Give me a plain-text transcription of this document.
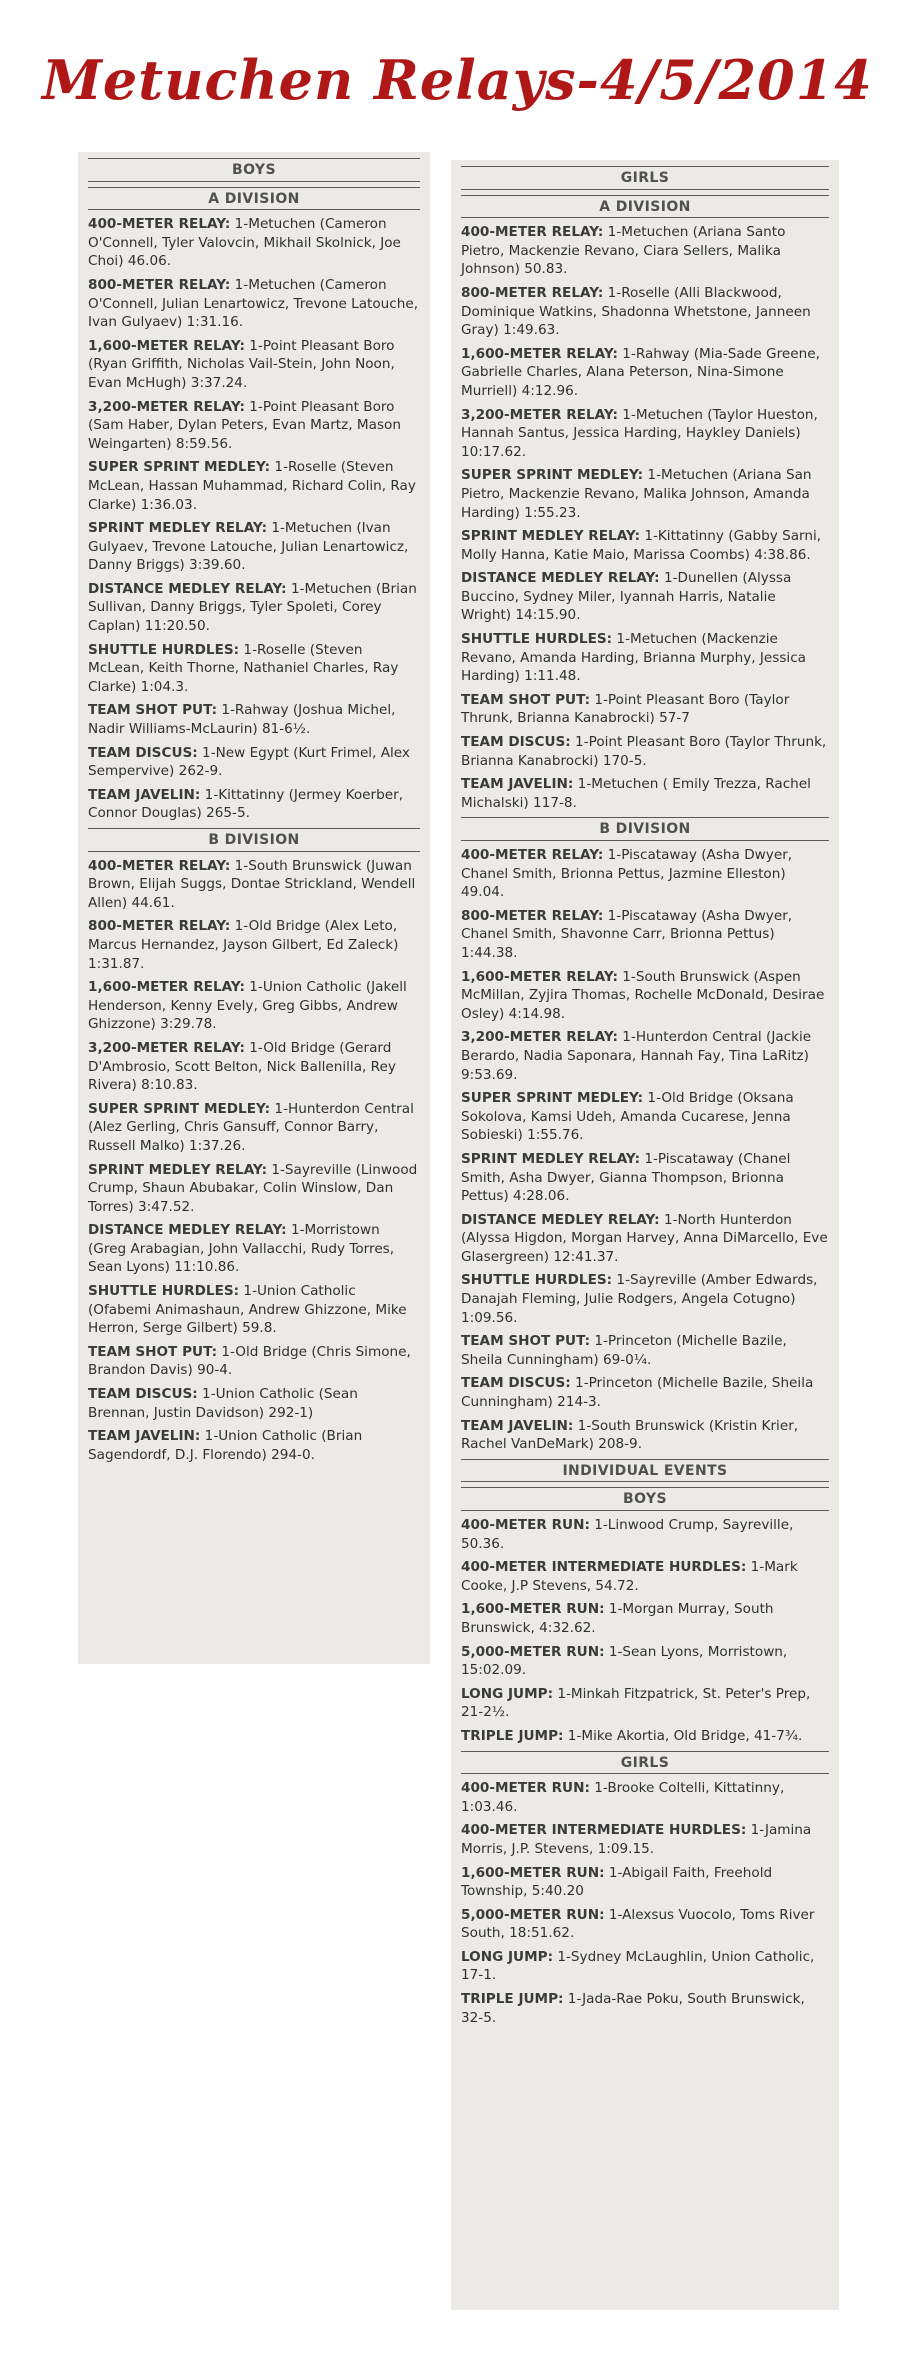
Metuchen Relays-4/5/2014
BOYS
A DIVISION
400-METER RELAY: 1-Metuchen (Cameron O'Connell, Tyler Valovcin, Mikhail Skolnick, Joe Choi) 46.06.
800-METER RELAY: 1-Metuchen (Cameron O'Connell, Julian Lenartowicz, Trevone Latouche, Ivan Gulyaev) 1:31.16.
1,600-METER RELAY: 1-Point Pleasant Boro (Ryan Griffith, Nicholas Vail-Stein, John Noon, Evan McHugh) 3:37.24.
3,200-METER RELAY: 1-Point Pleasant Boro (Sam Haber, Dylan Peters, Evan Martz, Mason Weingarten) 8:59.56.
SUPER SPRINT MEDLEY: 1-Roselle (Steven McLean, Hassan Muhammad, Richard Colin, Ray Clarke) 1:36.03.
SPRINT MEDLEY RELAY: 1-Metuchen (Ivan Gulyaev, Trevone Latouche, Julian Lenartowicz, Danny Briggs) 3:39.60.
DISTANCE MEDLEY RELAY: 1-Metuchen (Brian Sullivan, Danny Briggs, Tyler Spoleti, Corey Caplan) 11:20.50.
SHUTTLE HURDLES: 1-Roselle (Steven McLean, Keith Thorne, Nathaniel Charles, Ray Clarke) 1:04.3.
TEAM SHOT PUT: 1-Rahway (Joshua Michel, Nadir Williams-McLaurin) 81-6½.
TEAM DISCUS: 1-New Egypt (Kurt Frimel, Alex Sempervive) 262-9.
TEAM JAVELIN: 1-Kittatinny (Jermey Koerber, Connor Douglas) 265-5.
B DIVISION
400-METER RELAY: 1-South Brunswick (Juwan Brown, Elijah Suggs, Dontae Strickland, Wendell Allen) 44.61.
800-METER RELAY: 1-Old Bridge (Alex Leto, Marcus Hernandez, Jayson Gilbert, Ed Zaleck) 1:31.87.
1,600-METER RELAY: 1-Union Catholic (Jakell Henderson, Kenny Evely, Greg Gibbs, Andrew Ghizzone) 3:29.78.
3,200-METER RELAY: 1-Old Bridge (Gerard D'Ambrosio, Scott Belton, Nick Ballenilla, Rey Rivera) 8:10.83.
SUPER SPRINT MEDLEY: 1-Hunterdon Central (Alez Gerling, Chris Gansuff, Connor Barry, Russell Malko) 1:37.26.
SPRINT MEDLEY RELAY: 1-Sayreville (Linwood Crump, Shaun Abubakar, Colin Winslow, Dan Torres) 3:47.52.
DISTANCE MEDLEY RELAY: 1-Morristown (Greg Arabagian, John Vallacchi, Rudy Torres, Sean Lyons) 11:10.86.
SHUTTLE HURDLES: 1-Union Catholic (Ofabemi Animashaun, Andrew Ghizzone, Mike Herron, Serge Gilbert) 59.8.
TEAM SHOT PUT: 1-Old Bridge (Chris Simone, Brandon Davis) 90-4.
TEAM DISCUS: 1-Union Catholic (Sean Brennan, Justin Davidson) 292-1)
TEAM JAVELIN: 1-Union Catholic (Brian Sagendordf, D.J. Florendo) 294-0.
GIRLS
A DIVISION
400-METER RELAY: 1-Metuchen (Ariana Santo Pietro, Mackenzie Revano, Ciara Sellers, Malika Johnson) 50.83.
800-METER RELAY: 1-Roselle (Alli Blackwood, Dominique Watkins, Shadonna Whetstone, Janneen Gray) 1:49.63.
1,600-METER RELAY: 1-Rahway (Mia-Sade Greene, Gabrielle Charles, Alana Peterson, Nina-Simone Murriell) 4:12.96.
3,200-METER RELAY: 1-Metuchen (Taylor Hueston, Hannah Santus, Jessica Harding, Haykley Daniels) 10:17.62.
SUPER SPRINT MEDLEY: 1-Metuchen (Ariana San Pietro, Mackenzie Revano, Malika Johnson, Amanda Harding) 1:55.23.
SPRINT MEDLEY RELAY: 1-Kittatinny (Gabby Sarni, Molly Hanna, Katie Maio, Marissa Coombs) 4:38.86.
DISTANCE MEDLEY RELAY: 1-Dunellen (Alyssa Buccino, Sydney Miler, Iyannah Harris, Natalie Wright) 14:15.90.
SHUTTLE HURDLES: 1-Metuchen (Mackenzie Revano, Amanda Harding, Brianna Murphy, Jessica Harding) 1:11.48.
TEAM SHOT PUT: 1-Point Pleasant Boro (Taylor Thrunk, Brianna Kanabrocki) 57-7
TEAM DISCUS: 1-Point Pleasant Boro (Taylor Thrunk, Brianna Kanabrocki) 170-5.
TEAM JAVELIN: 1-Metuchen ( Emily Trezza, Rachel Michalski) 117-8.
B DIVISION
400-METER RELAY: 1-Piscataway (Asha Dwyer, Chanel Smith, Brionna Pettus, Jazmine Elleston) 49.04.
800-METER RELAY: 1-Piscataway (Asha Dwyer, Chanel Smith, Shavonne Carr, Brionna Pettus) 1:44.38.
1,600-METER RELAY: 1-South Brunswick (Aspen McMillan, Zyjira Thomas, Rochelle McDonald, Desirae Osley) 4:14.98.
3,200-METER RELAY: 1-Hunterdon Central (Jackie Berardo, Nadia Saponara, Hannah Fay, Tina LaRitz) 9:53.69.
SUPER SPRINT MEDLEY: 1-Old Bridge (Oksana Sokolova, Kamsi Udeh, Amanda Cucarese, Jenna Sobieski) 1:55.76.
SPRINT MEDLEY RELAY: 1-Piscataway (Chanel Smith, Asha Dwyer, Gianna Thompson, Brionna Pettus) 4:28.06.
DISTANCE MEDLEY RELAY: 1-North Hunterdon (Alyssa Higdon, Morgan Harvey, Anna DiMarcello, Eve Glasergreen) 12:41.37.
SHUTTLE HURDLES: 1-Sayreville (Amber Edwards, Danajah Fleming, Julie Rodgers, Angela Cotugno) 1:09.56.
TEAM SHOT PUT: 1-Princeton (Michelle Bazile, Sheila Cunningham) 69-0¼.
TEAM DISCUS: 1-Princeton (Michelle Bazile, Sheila Cunningham) 214-3.
TEAM JAVELIN: 1-South Brunswick (Kristin Krier, Rachel VanDeMark) 208-9.
INDIVIDUAL EVENTS
BOYS
400-METER RUN: 1-Linwood Crump, Sayreville, 50.36.
400-METER INTERMEDIATE HURDLES: 1-Mark Cooke, J.P Stevens, 54.72.
1,600-METER RUN: 1-Morgan Murray, South Brunswick, 4:32.62.
5,000-METER RUN: 1-Sean Lyons, Morristown, 15:02.09.
LONG JUMP: 1-Minkah Fitzpatrick, St. Peter's Prep, 21-2½.
TRIPLE JUMP: 1-Mike Akortia, Old Bridge, 41-7¾.
GIRLS
400-METER RUN: 1-Brooke Coltelli, Kittatinny, 1:03.46.
400-METER INTERMEDIATE HURDLES: 1-Jamina Morris, J.P. Stevens, 1:09.15.
1,600-METER RUN: 1-Abigail Faith, Freehold Township, 5:40.20
5,000-METER RUN: 1-Alexsus Vuocolo, Toms River South, 18:51.62.
LONG JUMP: 1-Sydney McLaughlin, Union Catholic, 17-1.
TRIPLE JUMP: 1-Jada-Rae Poku, South Brunswick, 32-5.
